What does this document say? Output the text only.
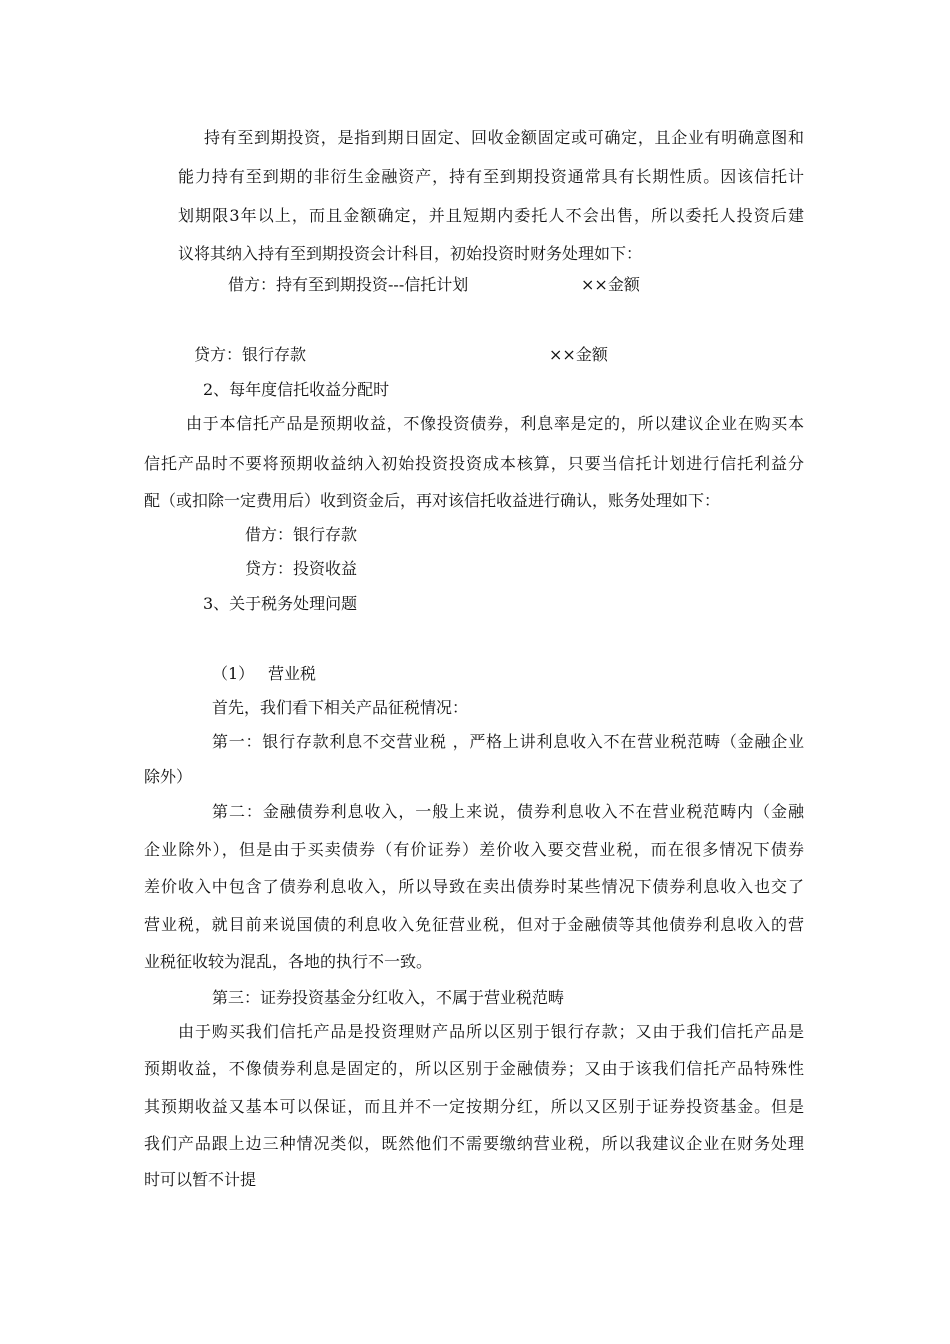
持有至到期投资，是指到期日固定、回收金额固定或可确定，且企业有明确意图和

能力持有至到期的非衍生金融资产，持有至到期投资通常具有长期性质。因该信托计

划期限3年以上，而且金额确定，并且短期内委托人不会出售，所以委托人投资后建

议将其纳入持有至到期投资会计科目，初始投资时财务处理如下：

借方：持有至到期投资---信托计划	××金额

贷方：银行存款	××金额

2、每年度信托收益分配时

由于本信托产品是预期收益，不像投资债券，利息率是定的，所以建议企业在购买本

信托产品时不要将预期收益纳入初始投资投资成本核算，只要当信托计划进行信托利益分

配（或扣除一定费用后）收到资金后，再对该信托收益进行确认，账务处理如下：

借方：银行存款

贷方：投资收益

3、关于税务处理问题

（1） 营业税

首先，我们看下相关产品征税情况：

第一：银行存款利息不交营业税 ，严格上讲利息收入不在营业税范畴（金融企业

除外）

第二：金融债券利息收入，一般上来说，债券利息收入不在营业税范畴内（金融

企业除外），但是由于买卖债券（有价证券）差价收入要交营业税，而在很多情况下债券

差价收入中包含了债券利息收入，所以导致在卖出债券时某些情况下债券利息收入也交了

营业税，就目前来说国债的利息收入免征营业税，但对于金融债等其他债券利息收入的营

业税征收较为混乱，各地的执行不一致。

第三：证券投资基金分红收入，不属于营业税范畴

由于购买我们信托产品是投资理财产品所以区别于银行存款；又由于我们信托产品是

预期收益，不像债券利息是固定的，所以区别于金融债券；又由于该我们信托产品特殊性

其预期收益又基本可以保证，而且并不一定按期分红，所以又区别于证券投资基金。但是

我们产品跟上边三种情况类似，既然他们不需要缴纳营业税，所以我建议企业在财务处理

时可以暂不计提
